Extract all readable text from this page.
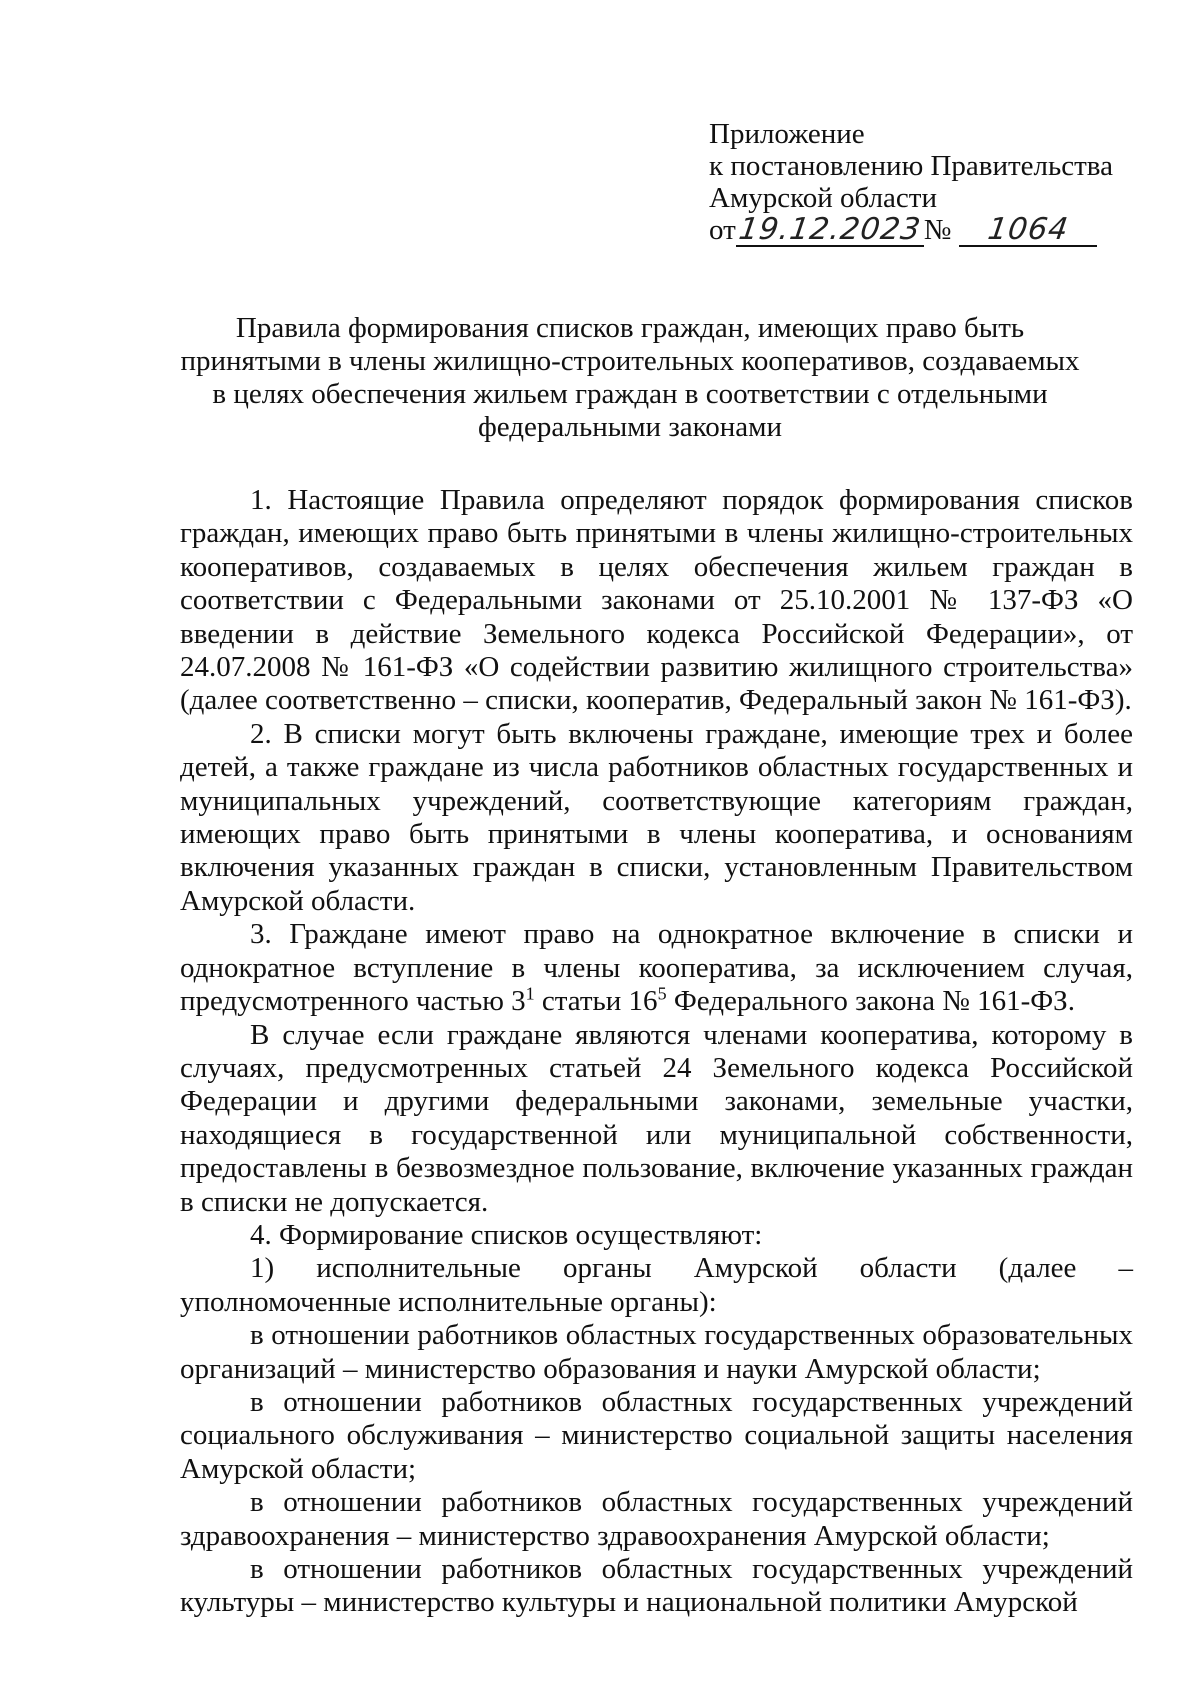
Приложение
к постановлению Правительства
Амурской области
от19.12.2023№ 1064
Правила формирования списков граждан, имеющих право быть
принятыми в члены жилищно-строительных кооперативов, создаваемых
в целях обеспечения жильем граждан в соответствии с отдельными
федеральными законами

1. Настоящие Правила определяют порядок формирования списков граждан, имеющих право быть принятыми в члены жилищно-строительных кооперативов, создаваемых в целях обеспечения жильем граждан в соответствии с Федеральными законами от 25.10.2001 № 137-ФЗ «О введении в действие Земельного кодекса Российской Федерации», от 24.07.2008 № 161-ФЗ «О содействии развитию жилищного строительства» (далее соответственно – списки, кооператив, Федеральный закон № 161-ФЗ).

2. В списки могут быть включены граждане, имеющие трех и более детей, а также граждане из числа работников областных государственных и муниципальных учреждений, соответствующие категориям граждан, имеющих право быть принятыми в члены кооператива, и основаниям включения указанных граждан в списки, установленным Правительством Амурской области.

3. Граждане имеют право на однократное включение в списки и однократное вступление в члены кооператива, за исключением случая, предусмотренного частью $3^1$ статьи $16^5$ Федерального закона № 161-ФЗ.

В случае если граждане являются членами кооператива, которому в случаях, предусмотренных статьей 24 Земельного кодекса Российской Федерации и другими федеральными законами, земельные участки, находящиеся в государственной или муниципальной собственности, предоставлены в безвозмездное пользование, включение указанных граждан в списки не допускается.

4. Формирование списков осуществляют:

1) исполнительные органы Амурской области (далее – уполномоченные исполнительные органы):

в отношении работников областных государственных образовательных организаций – министерство образования и науки Амурской области;

в отношении работников областных государственных учреждений социального обслуживания – министерство социальной защиты населения Амурской области;

в отношении работников областных государственных учреждений здравоохранения – министерство здравоохранения Амурской области;

в отношении работников областных государственных учреждений культуры – министерство культуры и национальной политики Амурской
